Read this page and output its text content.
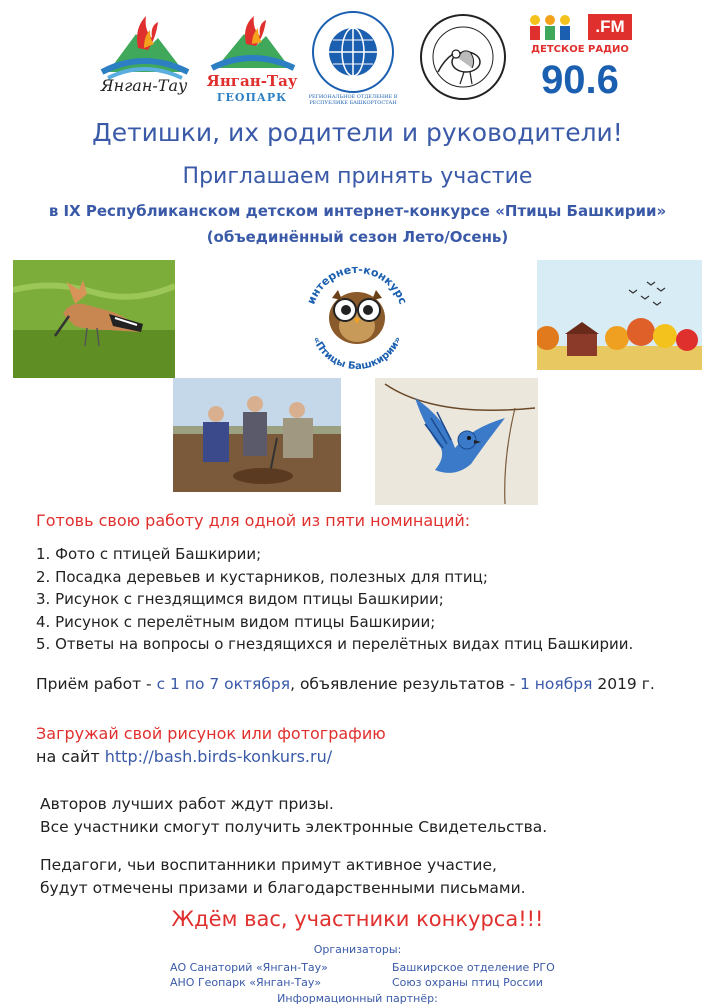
Янган-Тау	Янган-Тау
ГЕОПАРК	РЕГИОНАЛЬНОЕ ОТДЕЛЕНИЕ В РЕСПУБЛИКЕ БАШКОРТОСТАН
.FM
ДЕТСКОЕ РАДИО
90.6
Детишки, их родители и руководители!
Приглашаем принять участие
в IX Республиканском детском интернет-конкурсе «Птицы Башкирии»
(объединённый сезон Лето/Осень)
интернет-конкурс
«Птицы Башкирии»
Готовь свою работу для одной из пяти номинаций:
1. Фото с птицей Башкирии;
2. Посадка деревьев и кустарников, полезных для птиц;
3. Рисунок с гнездящимся видом птицы Башкирии;
4. Рисунок с перелётным видом птицы Башкирии;
5. Ответы на вопросы о гнездящихся и перелётных видах птиц Башкирии.
Приём работ - с 1 по 7 октября, объявление результатов - 1 ноября 2019 г.
Загружай свой рисунок или фотографию
на сайт http://bash.birds-konkurs.ru/
Авторов лучших работ ждут призы.
Все участники смогут получить электронные Свидетельства.
Педагоги, чьи воспитанники примут активное участие,
будут отмечены призами и благодарственными письмами.
Ждём вас, участники конкурса!!!
Организаторы:
АО Санаторий «Янган-Тау»
АНО Геопарк «Янган-Тау»
Башкирское отделение РГО
Союз охраны птиц России
Информационный партнёр:
